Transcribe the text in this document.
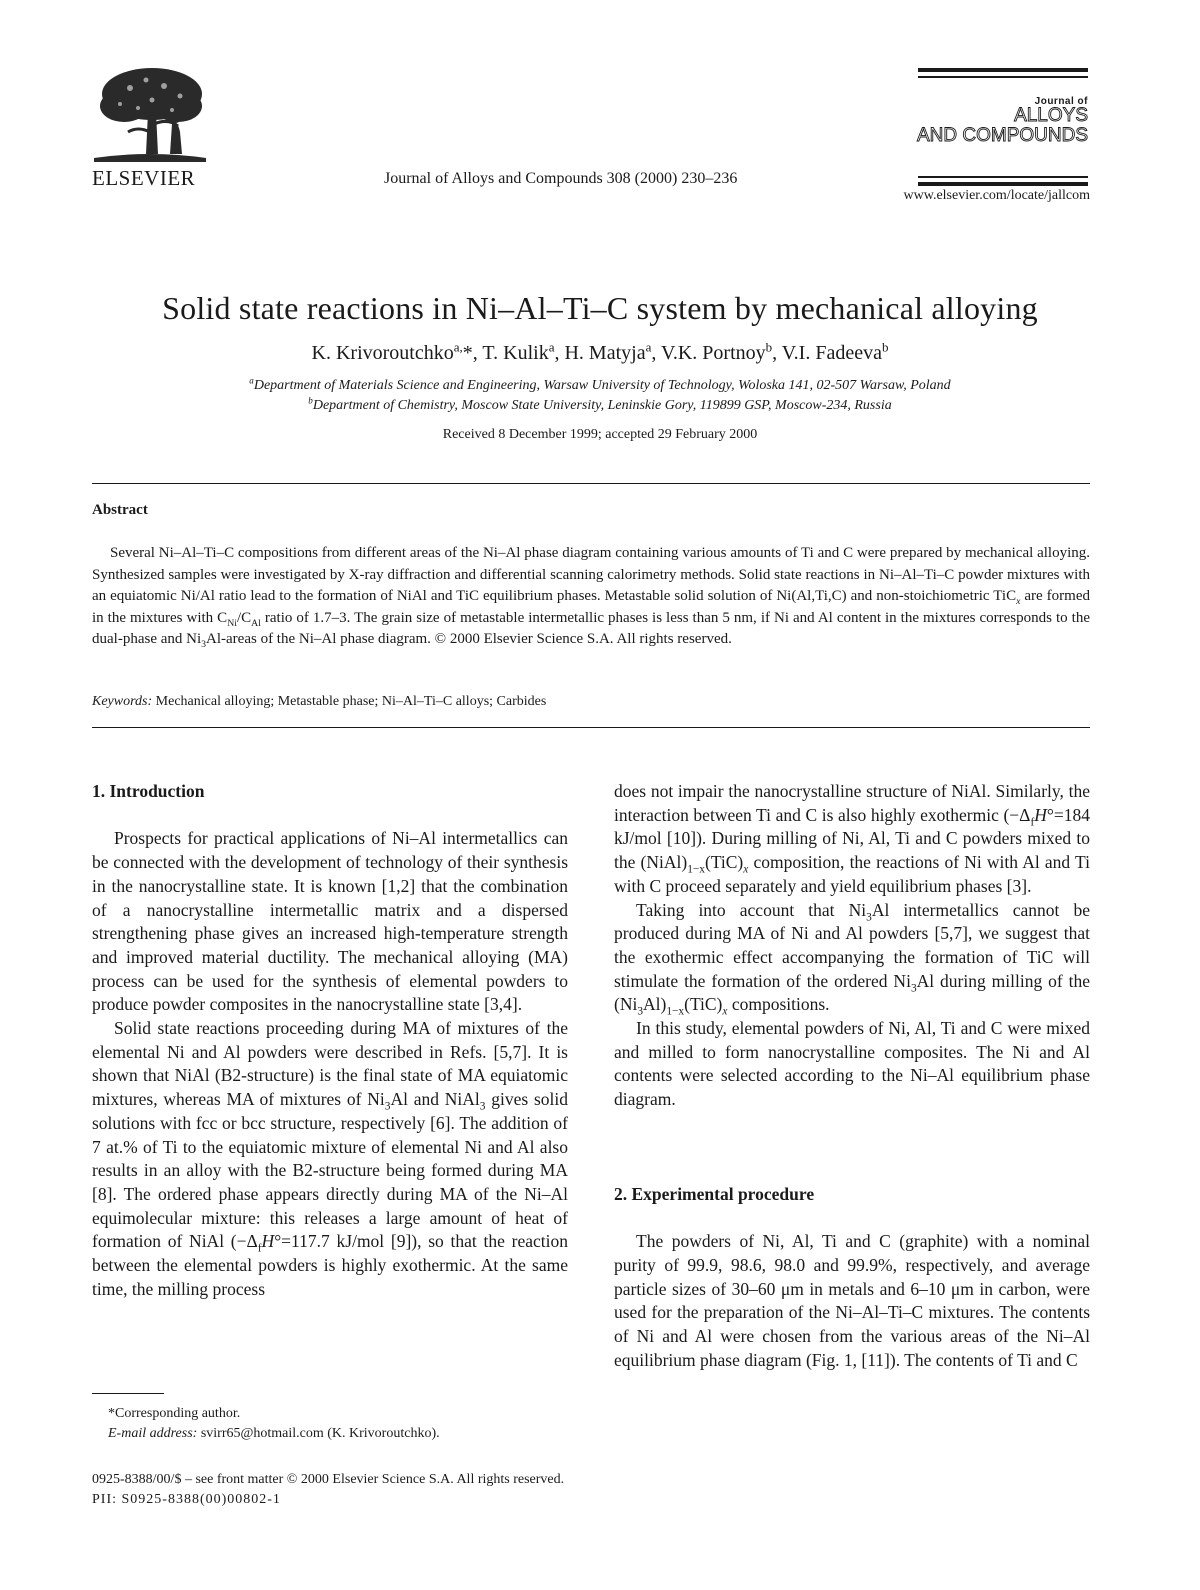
ELSEVIER	Journal of Alloys and Compounds 308 (2000) 230–236
Journal of
ALLOYS
AND COMPOUNDS
www.elsevier.com/locate/jallcom
Solid state reactions in Ni–Al–Ti–C system by mechanical alloying
K. Krivoroutchko$^{a,}$*, T. Kulik$^a$, H. Matyja$^a$, V.K. Portnoy$^b$, V.I. Fadeeva$^b$
$^a$Department of Materials Science and Engineering, Warsaw University of Technology, Woloska 141, 02-507 Warsaw, Poland
$^b$Department of Chemistry, Moscow State University, Leninskie Gory, 119899 GSP, Moscow-234, Russia
Received 8 December 1999; accepted 29 February 2000
Abstract

Several Ni–Al–Ti–C compositions from different areas of the Ni–Al phase diagram containing various amounts of Ti and C were prepared by mechanical alloying. Synthesized samples were investigated by X-ray diffraction and differential scanning calorimetry methods. Solid state reactions in Ni–Al–Ti–C powder mixtures with an equiatomic Ni/Al ratio lead to the formation of NiAl and TiC equilibrium phases. Metastable solid solution of Ni(Al,Ti,C) and non-stoichiometric TiC$_x$ are formed in the mixtures with $C_{Ni}/C_{Al}$ ratio of 1.7–3. The grain size of metastable intermetallic phases is less than 5 nm, if Ni and Al content in the mixtures corresponds to the dual-phase and $Ni_3Al$-areas of the Ni–Al phase diagram. © 2000 Elsevier Science S.A. All rights reserved.

Keywords: Mechanical alloying; Metastable phase; Ni–Al–Ti–C alloys; Carbides
1. Introduction

Prospects for practical applications of Ni–Al intermetallics can be connected with the development of technology of their synthesis in the nanocrystalline state. It is known [1,2] that the combination of a nanocrystalline intermetallic matrix and a dispersed strengthening phase gives an increased high-temperature strength and improved material ductility. The mechanical alloying (MA) process can be used for the synthesis of elemental powders to produce powder composites in the nanocrystalline state [3,4].

Solid state reactions proceeding during MA of mixtures of the elemental Ni and Al powders were described in Refs. [5,7]. It is shown that NiAl (B2-structure) is the final state of MA equiatomic mixtures, whereas MA of mixtures of $Ni_3Al$ and NiAl$_3$ gives solid solutions with fcc or bcc structure, respectively [6]. The addition of 7 at.% of Ti to the equiatomic mixture of elemental Ni and Al also results in an alloy with the B2-structure being formed during MA [8]. The ordered phase appears directly during MA of the Ni–Al equimolecular mixture: this releases a large amount of heat of formation of NiAl ($-\Delta_fH^\circ=117.7$ kJ/mol [9]), so that the reaction between the elemental powders is highly exothermic. At the same time, the milling process

does not impair the nanocrystalline structure of NiAl. Similarly, the interaction between Ti and C is also highly exothermic ($-\Delta_fH^\circ=184$ kJ/mol [10]). During milling of Ni, Al, Ti and C powders mixed to the $(NiAl)_{1-x}(TiC)_x$ composition, the reactions of Ni with Al and Ti with C proceed separately and yield equilibrium phases [3].

Taking into account that $Ni_3Al$ intermetallics cannot be produced during MA of Ni and Al powders [5,7], we suggest that the exothermic effect accompanying the formation of TiC will stimulate the formation of the ordered $Ni_3Al$ during milling of the $(Ni_3Al)_{1-x}(TiC)_x$ compositions.

In this study, elemental powders of Ni, Al, Ti and C were mixed and milled to form nanocrystalline composites. The Ni and Al contents were selected according to the Ni–Al equilibrium phase diagram.

2. Experimental procedure

The powders of Ni, Al, Ti and C (graphite) with a nominal purity of 99.9, 98.6, 98.0 and 99.9%, respectively, and average particle sizes of 30–60 μm in metals and 6–10 μm in carbon, were used for the preparation of the Ni–Al–Ti–C mixtures. The contents of Ni and Al were chosen from the various areas of the Ni–Al equilibrium phase diagram (Fig. 1, [11]). The contents of Ti and C

*Corresponding author.
E-mail address: svirr65@hotmail.com (K. Krivoroutchko).
0925-8388/00/$ – see front matter © 2000 Elsevier Science S.A. All rights reserved.
PII: S0925-8388(00)00802-1
